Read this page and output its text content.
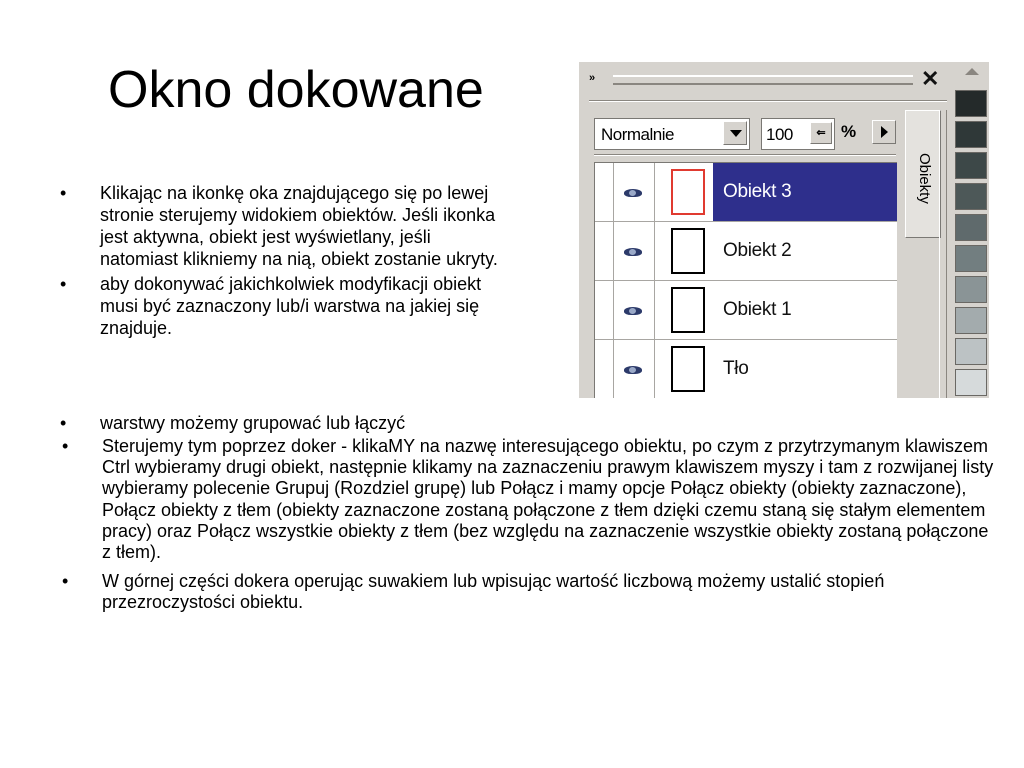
Okno dokowane
• Klikając na ikonkę oka znajdującego się po lewej stronie sterujemy widokiem obiektów. Jeśli ikonka jest aktywna, obiekt jest wyświetlany, jeśli natomiast klikniemy na nią, obiekt zostanie ukryty.
• aby dokonywać jakichkolwiek modyfikacji obiekt musi być zaznaczony lub/i warstwa na jakiej się znajduje.
• warstwy możemy grupować lub łączyć
• Sterujemy tym poprzez doker - klikaMY na nazwę interesującego obiektu, po czym z przytrzymanym klawiszem Ctrl wybieramy drugi obiekt, następnie klikamy na zaznaczeniu prawym klawiszem myszy i tam z rozwijanej listy wybieramy polecenie Grupuj (Rozdziel grupę) lub Połącz i mamy opcje Połącz obiekty (obiekty zaznaczone), Połącz obiekty z tłem (obiekty zaznaczone zostaną połączone z tłem dzięki czemu staną się stałym elementem pracy) oraz Połącz wszystkie obiekty z tłem (bez względu na zaznaczenie wszystkie obiekty zostaną połączone z tłem).
• W górnej części dokera operując suwakiem lub wpisując wartość liczbową możemy ustalić stopień przezroczystości obiektu.
»	✕
Normalnie	100	⇐ %
Obiekt 3
Obiekt 2
Obiekt 1
Tło
Obiekty
